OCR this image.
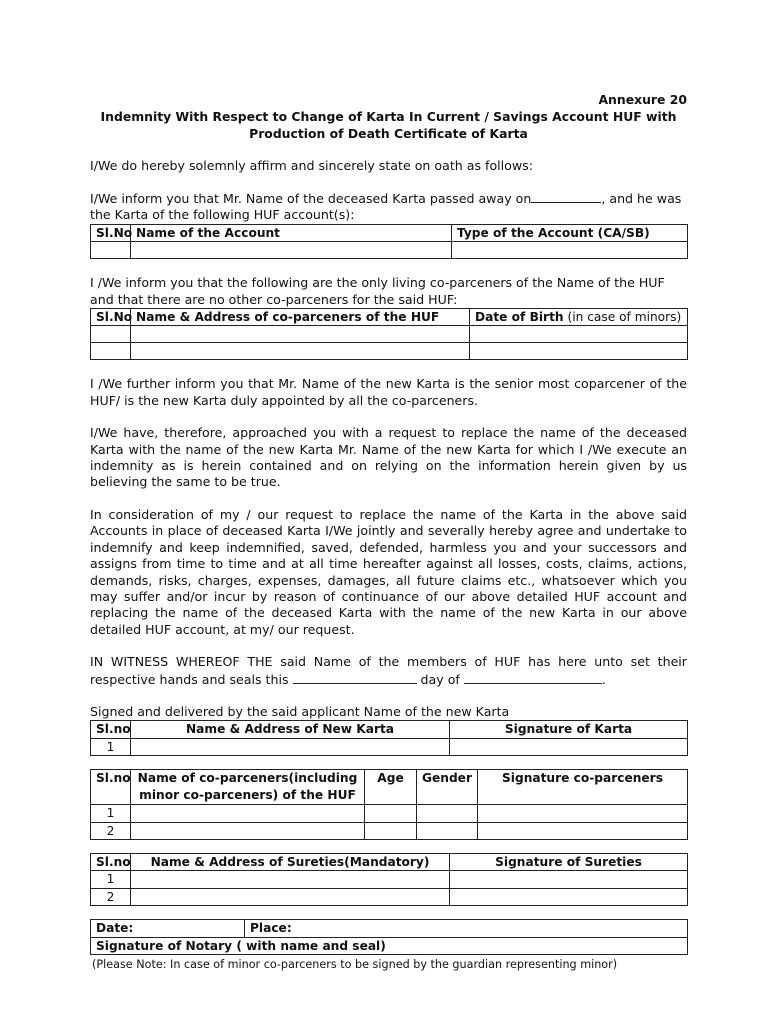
Annexure 20
Indemnity With Respect to Change of Karta In Current / Savings Account HUF with Production of Death Certificate of Karta

I/We do hereby solemnly affirm and sincerely state on oath as follows:

I/We inform you that Mr. Name of the deceased Karta passed away on	, and he was the Karta of the following HUF account(s):

Sl.No	Name of the Account	Type of the Account (CA/SB)

I /We inform you that the following are the only living co-parceners of the Name of the HUF and that there are no other co-parceners for the said HUF:

Sl.No	Name & Address of co-parceners of the HUF	Date of Birth (in case of minors)

I /We further inform you that Mr. Name of the new Karta is the senior most coparcener of the HUF/ is the new Karta duly appointed by all the co-parceners.

I/We have, therefore, approached you with a request to replace the name of the deceased Karta with the name of the new Karta Mr. Name of the new Karta for which I /We execute an indemnity as is herein contained and on relying on the information herein given by us believing the same to be true.

In consideration of my / our request to replace the name of the Karta in the above said Accounts in place of deceased Karta I/We jointly and severally hereby agree and undertake to indemnify and keep indemnified, saved, defended, harmless you and your successors and assigns from time to time and at all time hereafter against all losses, costs, claims, actions, demands, risks, charges, expenses, damages, all future claims etc., whatsoever which you may suffer and/or incur by reason of continuance of our above detailed HUF account and replacing the name of the deceased Karta with the name of the new Karta in our above detailed HUF account, at my/ our request.

IN WITNESS WHEREOF THE said Name of the members of HUF has here unto set their respective hands and seals this	day of	.

Signed and delivered by the said applicant Name of the new Karta

Sl.no	Name & Address of New Karta	Signature of Karta
1		
Sl.no	Name of co-parceners(including minor co-parceners) of the HUF	Age	Gender	Signature co-parceners
1				
2				
Sl.no	Name & Address of Sureties(Mandatory)	Signature of Sureties
1		
2		
Date:	Place:
Signature of Notary ( with name and seal)

(Please Note: In case of minor co-parceners to be signed by the guardian representing minor)
